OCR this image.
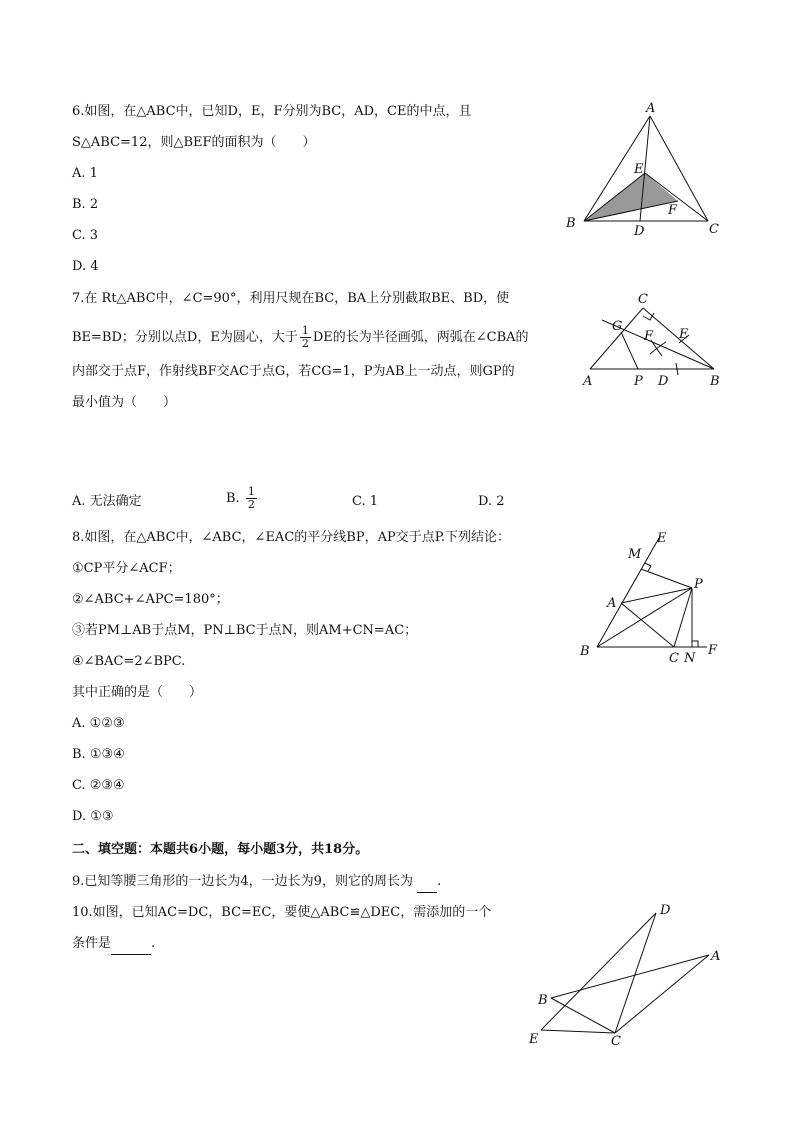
6.如图，在△ABC中，已知D，E，F分别为BC，AD，CE的中点，且
S△ABC=12，则△BEF的面积为（　　）
A. 1
B. 2
C. 3
D. 4
A
B	C
D
E
F
7.在 Rt△ABC中，∠C=90°，利用尺规在BC，BA上分别截取BE、BD，使
BE=BD；分别以点D，E为圆心，大于 $\frac{1}{2}$ DE的长为半径画弧，两弧在∠CBA的
内部交于点F，作射线BF交AC于点G，若CG=1，P为AB上一动点，则GP的
最小值为（　　）
A. 无法确定	B. $\frac{1}{2}$	C. 1	D. 2
C
G
F E
A	P D	B
8.如图，在△ABC中，∠ABC，∠EAC的平分线BP，AP交于点P.下列结论：
①CP平分∠ACF；
②∠ABC+∠APC=180°；
③若PM⊥AB于点M，PN⊥BC于点N，则AM+CN=AC；
④∠BAC=2∠BPC.
其中正确的是（　　）
A. ①②③
B. ①③④
C. ②③④
D. ①③
E
M
P
A
B	C N
F
二、填空题：本题共6小题，每小题3分，共18分。
9.已知等腰三角形的一边长为4，一边长为9，则它的周长为 .
10.如图，已知AC=DC，BC=EC，要使△ABC≌△DEC，需添加的一个
条件是	.
D
A
B
E	C
